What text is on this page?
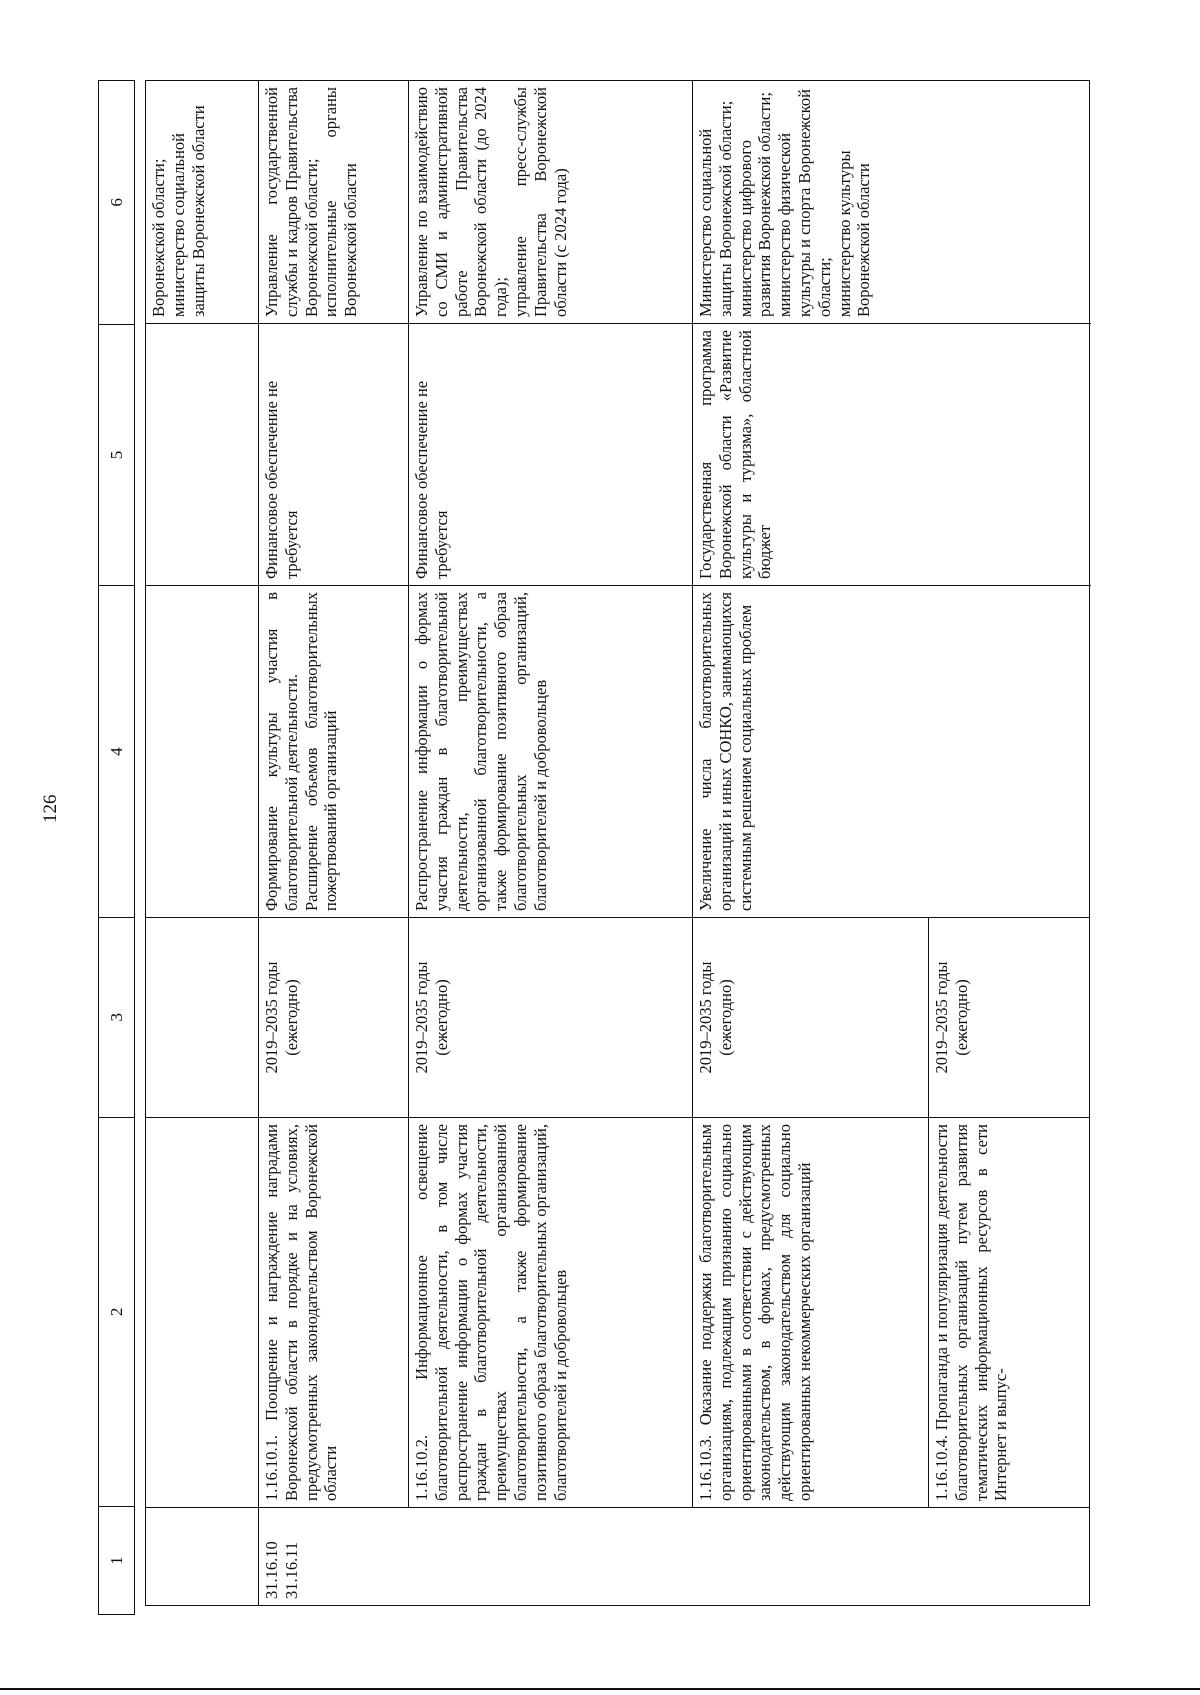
126
1
2
3
4
5
6
Воронежской области;
министерство социальной защиты Воронежской области
31.16.10
31.16.11
1.16.10.1. Поощрение и награждение наградами Воронежской области в порядке и на условиях, предусмотренных законодательством Воронежской области
2019–2035 годы (ежегодно)
Формирование культуры участия в благотворительной деятельности.
Расширение объемов благотворительных пожертвований организаций
Финансовое обеспечение не требуется
Управление государственной службы и кадров Правительства Воронежской области;
исполнительные органы Воронежской области
1.16.10.2. Информационное освещение благотворительной деятельности, в том числе распространение информации о формах участия граждан в благотворительной деятельности, преимуществах организованной благотворительности, а также формирование позитивного образа благотворительных организаций, благотворителей и добровольцев
2019–2035 годы (ежегодно)
Распространение информации о формах участия граждан в благотворительной деятельности, преимуществах организованной благотворительности, а также формирование позитивного образа благотворительных организаций, благотворителей и добровольцев
Финансовое обеспечение не требуется
Управление по взаимодействию со СМИ и административной работе Правительства Воронежской области (до 2024 года);
управление пресс-службы Правительства Воронежской области (с 2024 года)
1.16.10.3. Оказание поддержки благотворительным организациям, подлежащим признанию социально ориентированными в соответствии с действующим законодательством, в формах, предусмотренных действующим законодательством для социально ориентированных некоммерческих организаций
2019–2035 годы (ежегодно)
Увеличение числа благотворительных организаций и иных СОНКО, занимающихся системным решением социальных проблем
Государственная программа Воронежской области «Развитие культуры и туризма», областной бюджет
Министерство социальной защиты Воронежской области;
министерство цифрового развития Воронежской области;
министерство физической культуры и спорта Воронежской области;
министерство культуры Воронежской области
1.16.10.4. Пропаганда и популяризация деятельности благотворительных организаций путем развития тематических информационных ресурсов в сети Интернет и выпус-
2019–2035 годы (ежегодно)
